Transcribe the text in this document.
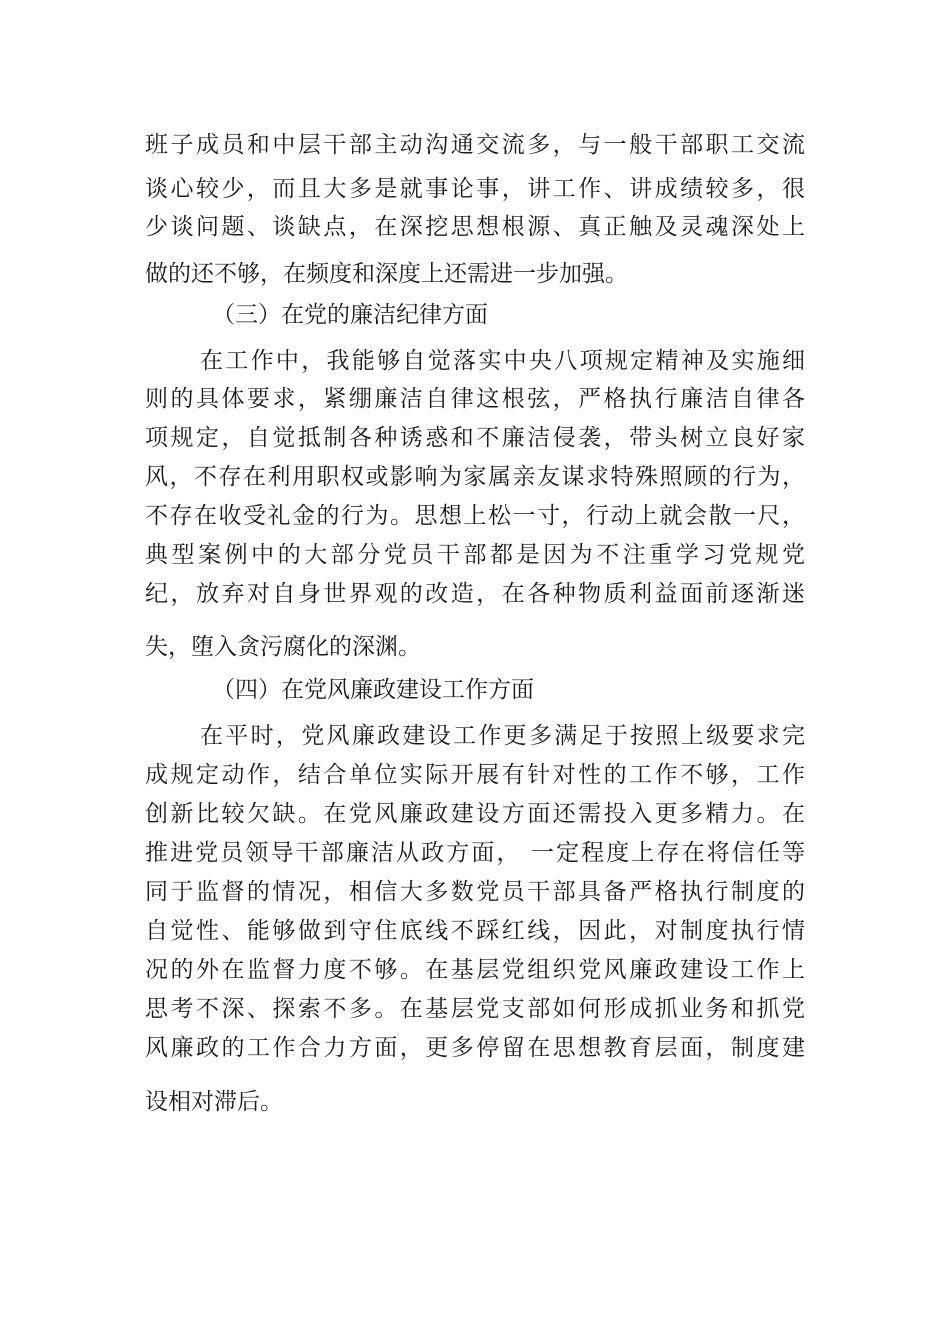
班子成员和中层干部主动沟通交流多，与一般干部职工交流

谈心较少，而且大多是就事论事，讲工作、讲成绩较多，很

少谈问题、谈缺点，在深挖思想根源、真正触及灵魂深处上

做的还不够，在频度和深度上还需进一步加强。

（三）在党的廉洁纪律方面

在工作中，我能够自觉落实中央八项规定精神及实施细

则的具体要求，紧绷廉洁自律这根弦，严格执行廉洁自律各

项规定，自觉抵制各种诱惑和不廉洁侵袭，带头树立良好家

风，不存在利用职权或影响为家属亲友谋求特殊照顾的行为，

不存在收受礼金的行为。思想上松一寸，行动上就会散一尺，

典型案例中的大部分党员干部都是因为不注重学习党规党

纪，放弃对自身世界观的改造，在各种物质利益面前逐渐迷

失，堕入贪污腐化的深渊。

（四）在党风廉政建设工作方面

在平时，党风廉政建设工作更多满足于按照上级要求完

成规定动作，结合单位实际开展有针对性的工作不够，工作

创新比较欠缺。在党风廉政建设方面还需投入更多精力。在

推进党员领导干部廉洁从政方面， 一定程度上存在将信任等

同于监督的情况，相信大多数党员干部具备严格执行制度的

自觉性、能够做到守住底线不踩红线，因此，对制度执行情

况的外在监督力度不够。在基层党组织党风廉政建设工作上

思考不深、探索不多。在基层党支部如何形成抓业务和抓党

风廉政的工作合力方面，更多停留在思想教育层面，制度建

设相对滞后。
